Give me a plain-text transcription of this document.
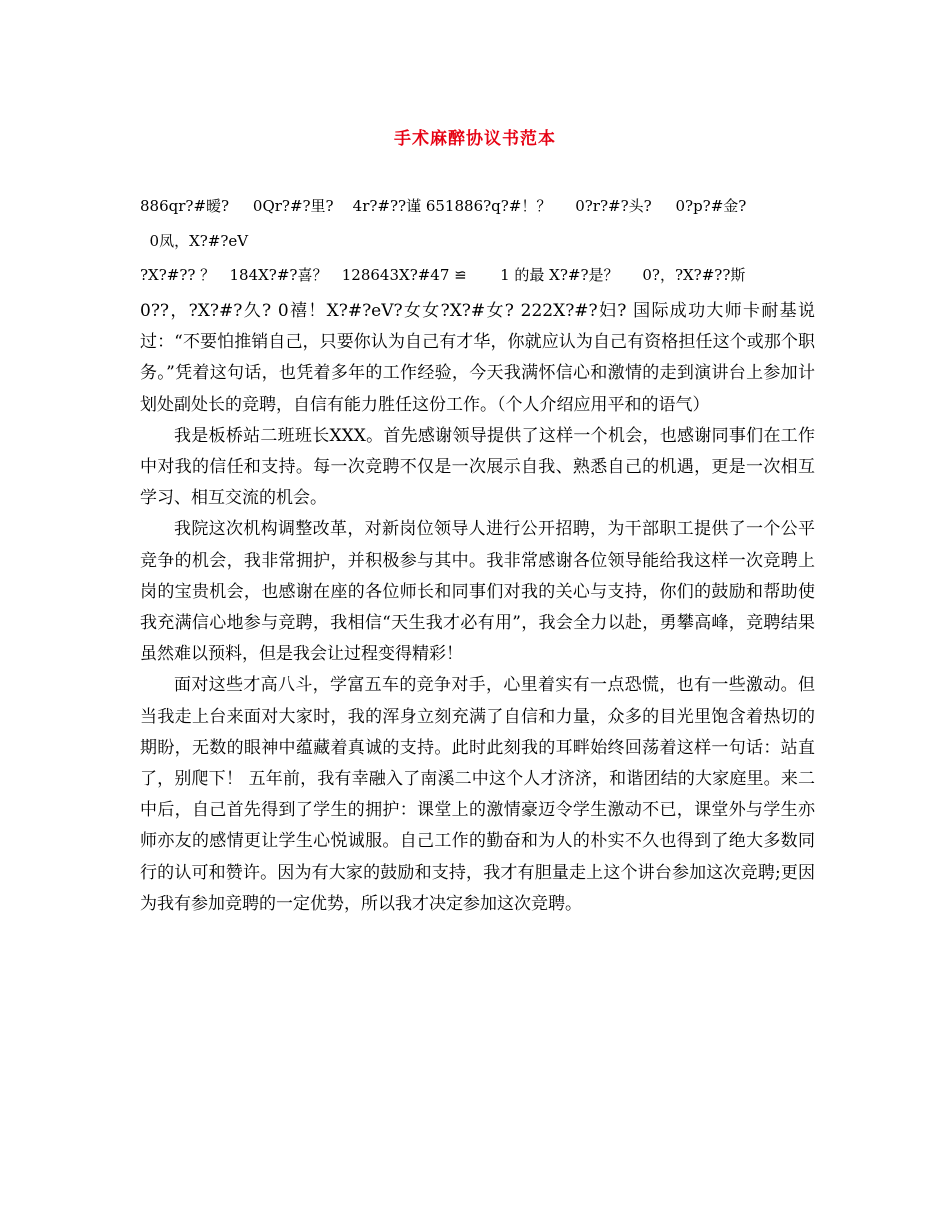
手术麻醉协议书范本
886qr?#暧?     0Qr?#?里?    4r?#??谨 651886?q?#！？     0?r?#?头?     0?p?#金?
0凤，X?#?eV
?X?#?? ？   184X?#?喜？   128643X?#47 ≌       1 的最 X?#?是？     0?，?X?#??斯

0??，?X?#?久? 0禧！X?#?eV?女女?X?#女? 222X?#?妇? 国际成功大师卡耐基说过：“不要怕推销自己，只要你认为自己有才华，你就应认为自己有资格担任这个或那个职务。”凭着这句话，也凭着多年的工作经验，今天我满怀信心和激情的走到演讲台上参加计划处副处长的竞聘，自信有能力胜任这份工作。（个人介绍应用平和的语气）

我是板桥站二班班长XXX。首先感谢领导提供了这样一个机会，也感谢同事们在工作中对我的信任和支持。每一次竞聘不仅是一次展示自我、熟悉自己的机遇，更是一次相互学习、相互交流的机会。

我院这次机构调整改革，对新岗位领导人进行公开招聘，为干部职工提供了一个公平竞争的机会，我非常拥护，并积极参与其中。我非常感谢各位领导能给我这样一次竞聘上岗的宝贵机会，也感谢在座的各位师长和同事们对我的关心与支持，你们的鼓励和帮助使我充满信心地参与竞聘，我相信“天生我才必有用”，我会全力以赴，勇攀高峰，竞聘结果虽然难以预料，但是我会让过程变得精彩！

面对这些才高八斗，学富五车的竞争对手，心里着实有一点恐慌，也有一些激动。但当我走上台来面对大家时，我的浑身立刻充满了自信和力量，众多的目光里饱含着热切的期盼，无数的眼神中蕴藏着真诚的支持。此时此刻我的耳畔始终回荡着这样一句话：站直了，别爬下！ 五年前，我有幸融入了南溪二中这个人才济济，和谐团结的大家庭里。来二中后，自己首先得到了学生的拥护：课堂上的激情豪迈令学生激动不已，课堂外与学生亦师亦友的感情更让学生心悦诚服。自己工作的勤奋和为人的朴实不久也得到了绝大多数同行的认可和赞许。因为有大家的鼓励和支持，我才有胆量走上这个讲台参加这次竞聘;更因为我有参加竞聘的一定优势，所以我才决定参加这次竞聘。
